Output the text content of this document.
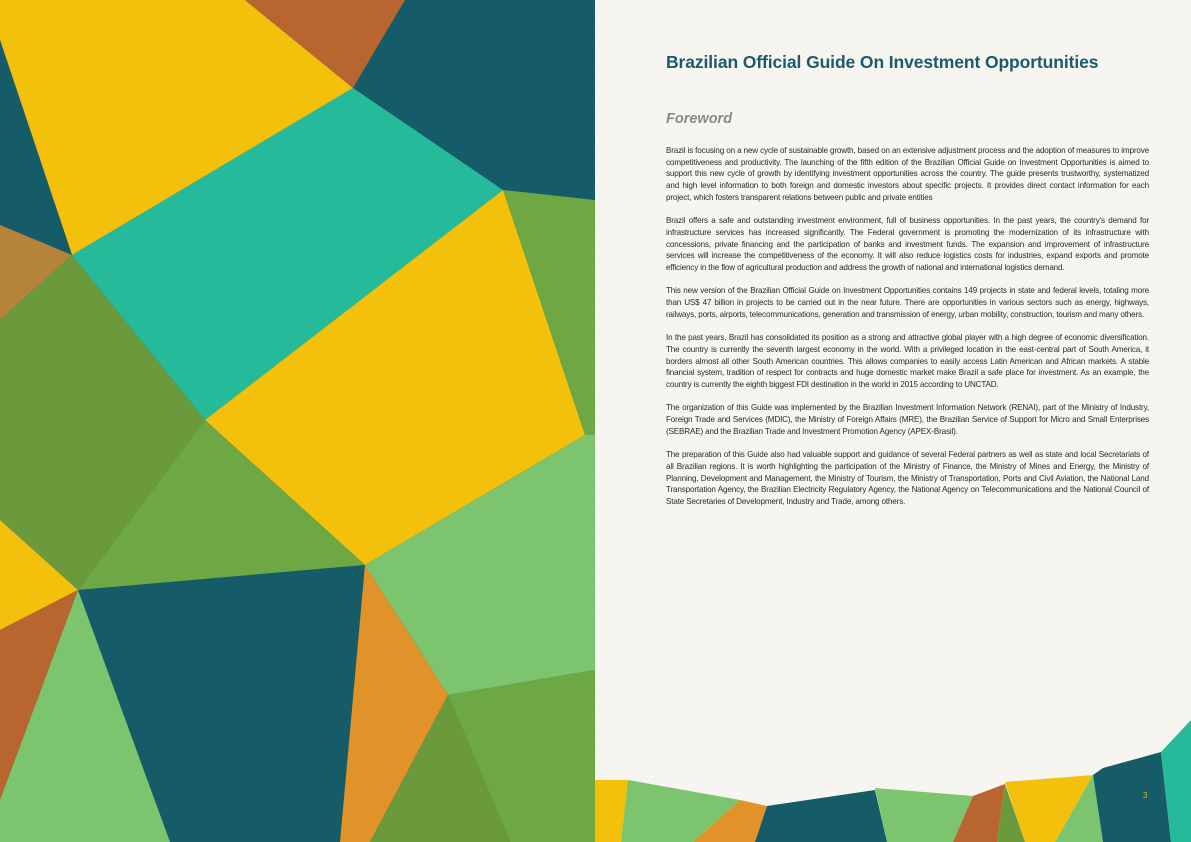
Brazilian Official Guide On Investment Opportunities
Foreword

Brazil is focusing on a new cycle of sustainable growth, based on an extensive adjustment process and the adoption of measures to improve competitiveness and productivity. The launching of the fifth edition of the Brazilian Official Guide on Investment Opportunities is aimed to support this new cycle of growth by identifying investment opportunities across the country. The guide presents trustworthy, systematized and high level information to both foreign and domestic investors about specific projects. It provides direct contact information for each project, which fosters transparent relations between public and private entities

Brazil offers a safe and outstanding investment environment, full of business opportunities. In the past years, the country's demand for infrastructure services has increased significantly. The Federal government is promoting the modernization of its infrastructure with concessions, private financing and the participation of banks and investment funds. The expansion and improvement of infrastructure services will increase the competitiveness of the economy. It will also reduce logistics costs for industries, expand exports and promote efficiency in the flow of agricultural production and address the growth of national and international logistics demand.

This new version of the Brazilian Official Guide on Investment Opportunities contains 149 projects in state and federal levels, totaling more than US$ 47 billion in projects to be carried out in the near future. There are opportunities in various sectors such as energy, highways, railways, ports, airports, telecommunications, generation and transmission of energy, urban mobility, construction, tourism and many others.

In the past years, Brazil has consolidated its position as a strong and attractive global player with a high degree of economic diversification. The country is currently the seventh largest economy in the world. With a privileged location in the east-central part of South America, it borders almost all other South American countries. This allows companies to easily access Latin American and African markets. A stable financial system, tradition of respect for contracts and huge domestic market make Brazil a safe place for investment. As an example, the country is currently the eighth biggest FDI destination in the world in 2015 according to UNCTAD.

The organization of this Guide was implemented by the Brazilian Investment Information Network (RENAI), part of the Ministry of Industry, Foreign Trade and Services (MDIC), the Ministry of Foreign Affairs (MRE), the Brazilian Service of Support for Micro and Small Enterprises (SEBRAE) and the Brazilian Trade and Investment Promotion Agency (APEX-Brasil).

The preparation of this Guide also had valuable support and guidance of several Federal partners as well as state and local Secretariats of all Brazilian regions. It is worth highlighting the participation of the Ministry of Finance, the Ministry of Mines and Energy, the Ministry of Planning, Development and Management, the Ministry of Tourism, the Ministry of Transportation, Ports and Civil Aviation, the National Land Transportation Agency, the Brazilian Electricity Regulatory Agency, the National Agency on Telecommunications and the National Council of State Secretaries of Development, Industry and Trade, among others.

3
